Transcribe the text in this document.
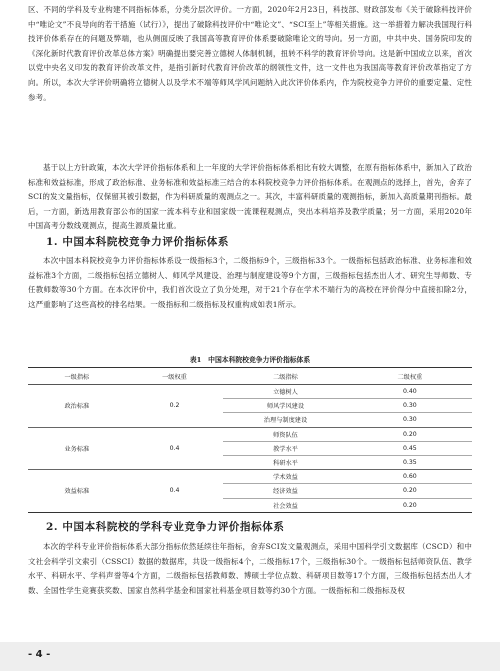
区、不同的学科及专业构建不同指标体系，分类分层次评价。一方面，2020年2月23日，科技部、财政部发布《关于破除科技评价中“唯论文”不良导向的若干措施（试行）》，提出了破除科技评价中“唯论文”、“SCI至上”等相关措施。这一举措着力解决我国现行科技评价体系存在的问题及弊端，也从侧面反映了我国高等教育评价体系要破除唯论文的导向。另一方面，中共中央、国务院印发的《深化新时代教育评价改革总体方案》明确提出要完善立德树人体制机制，扭转不科学的教育评价导向。这是新中国成立以来，首次以党中央名义印发的教育评价改革文件，是指引新时代教育评价改革的纲领性文件，这一文件也为我国高等教育评价改革指定了方向。所以，本次大学评价明确将立德树人以及学术不端等师风学风问题纳入此次评价体系内，作为院校竞争力评价的重要定量、定性参考。
基于以上方针政策，本次大学评价指标体系和上一年度的大学评价指标体系相比有较大调整，在原有指标体系中，新加入了政治标准和效益标准，形成了政治标准、业务标准和效益标准三结合的本科院校竞争力评价指标体系。在观测点的选择上，首先，舍弃了SCI的发文量指标，仅保留其被引数据，作为科研质量的观测点之一。其次，丰富科研质量的观测指标，新加入高质量期刊指标。最后，一方面，新选用教育部公布的国家一流本科专业和国家级一流课程观测点，突出本科培养及教学质量；另一方面，采用2020年中国高考分数线观测点，提高生源质量比重。
1. 中国本科院校竞争力评价指标体系
本次中国本科院校竞争力评价指标体系设一级指标3个，二级指标9个，三级指标33个。一级指标包括政治标准、业务标准和效益标准3个方面，二级指标包括立德树人、师风学风建设、治理与制度建设等9个方面，三级指标包括杰出人才、研究生导师数、专任教师数等30个方面。在本次评价中，我们首次设立了负分处理，对于21个存在学术不端行为的高校在评价得分中直接扣除2分，这严重影响了这些高校的排名结果。一级指标和二级指标及权重构成如表1所示。
表1　中国本科院校竞争力评价指标体系
一级指标	一级权重	二级指标	二级权重
政治标准	0.2	立德树人	0.40
		师风学风建设	0.30
		治理与制度建设	0.30
业务标准	0.4	师资队伍	0.20
		教学水平	0.45
		科研水平	0.35
效益标准	0.4	学术效益	0.60
		经济效益	0.20
		社会效益	0.20
2. 中国本科院校的学科专业竞争力评价指标体系
本次的学科专业评价指标体系大部分指标依然延续往年指标，舍弃SCI发文量观测点，采用中国科学引文数据库（CSCD）和中文社会科学引文索引（CSSCI）数据的数据库，共设一级指标4个，二级指标17个，三级指标30个。一级指标包括师资队伍、教学水平、科研水平、学科声誉等4个方面，二级指标包括教师数、博硕士学位点数、科研项目数等17个方面，三级指标包括杰出人才数、全国性学生竞赛获奖数、国家自然科学基金和国家社科基金项目数等约30个方面。一级指标和二级指标及权
- 4 -
